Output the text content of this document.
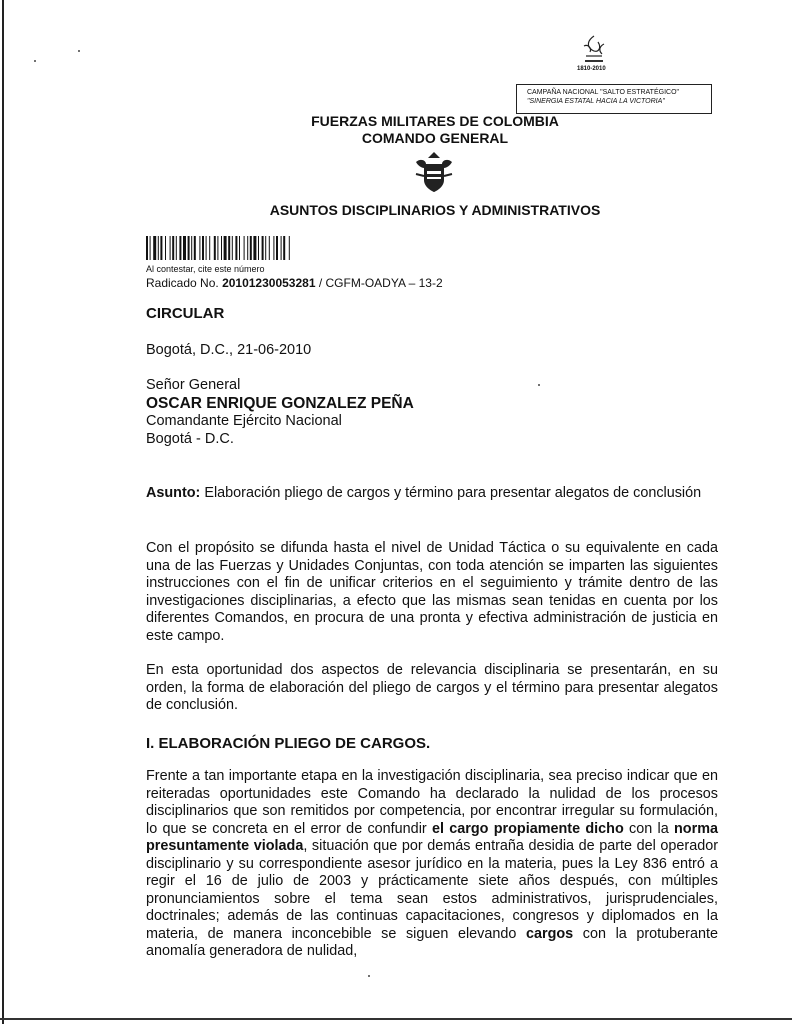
1810-2010
CAMPAÑA NACIONAL "SALTO ESTRATÉGICO"
"SINERGIA ESTATAL HACIA LA VICTORIA"
FUERZAS MILITARES DE COLOMBIA
COMANDO GENERAL
ASUNTOS DISCIPLINARIOS Y ADMINISTRATIVOS
Al contestar, cite este número
Radicado No. 20101230053281 / CGFM-OADYA – 13-2
CIRCULAR
Bogotá, D.C., 21-06-2010
Señor General
OSCAR ENRIQUE GONZALEZ PEÑA
Comandante Ejército Nacional
Bogotá - D.C.
Asunto: Elaboración pliego de cargos y término para presentar alegatos de conclusión
Con el propósito se difunda hasta el nivel de Unidad Táctica o su equivalente en cada una de las Fuerzas y Unidades Conjuntas, con toda atención se imparten las siguientes instrucciones con el fin de unificar criterios en el seguimiento y trámite dentro de las investigaciones disciplinarias, a efecto que las mismas sean tenidas en cuenta por los diferentes Comandos, en procura de una pronta y efectiva administración de justicia en este campo.
En esta oportunidad dos aspectos de relevancia disciplinaria se presentarán, en su orden, la forma de elaboración del pliego de cargos y el término para presentar alegatos de conclusión.
I. ELABORACIÓN PLIEGO DE CARGOS.
Frente a tan importante etapa en la investigación disciplinaria, sea preciso indicar que en reiteradas oportunidades este Comando ha declarado la nulidad de los procesos disciplinarios que son remitidos por competencia, por encontrar irregular su formulación, lo que se concreta en el error de confundir el cargo propiamente dicho con la norma presuntamente violada, situación que por demás entraña desidia de parte del operador disciplinario y su correspondiente asesor jurídico en la materia, pues la Ley 836 entró a regir el 16 de julio de 2003 y prácticamente siete años después, con múltiples pronunciamientos sobre el tema sean estos administrativos, jurisprudenciales, doctrinales; además de las continuas capacitaciones, congresos y diplomados en la materia, de manera inconcebible se siguen elevando cargos con la protuberante anomalía generadora de nulidad,
